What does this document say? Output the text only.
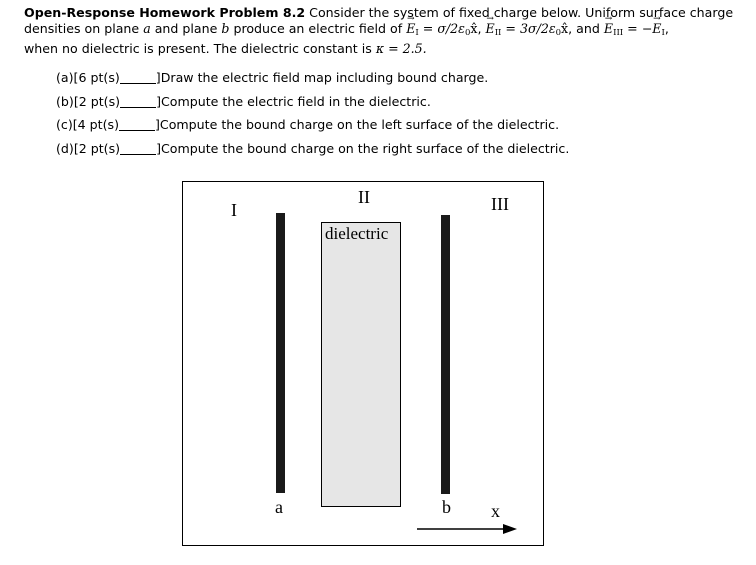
Open-Response Homework Problem 8.2 Consider the system of fixed charge below. Uniform surface charge densities on plane a and plane b produce an electric field of → $E_I$ = $\sigma/2\varepsilon_0x̂$, → $E_{II}$ = $3\sigma/2\varepsilon_0x̂$, and → $E_{III}$ = −→ $E_I$,
when no dielectric is present. The dielectric constant is κ = 2.5.

(a)[6 pt(s)	]Draw the electric field map including bound charge.
(b)[2 pt(s)	]Compute the electric field in the dielectric.
(c)[4 pt(s)	]Compute the bound charge on the left surface of the dielectric.
(d)[2 pt(s)	]Compute the bound charge on the right surface of the dielectric.
I
II	III
dielectric
a	b x
